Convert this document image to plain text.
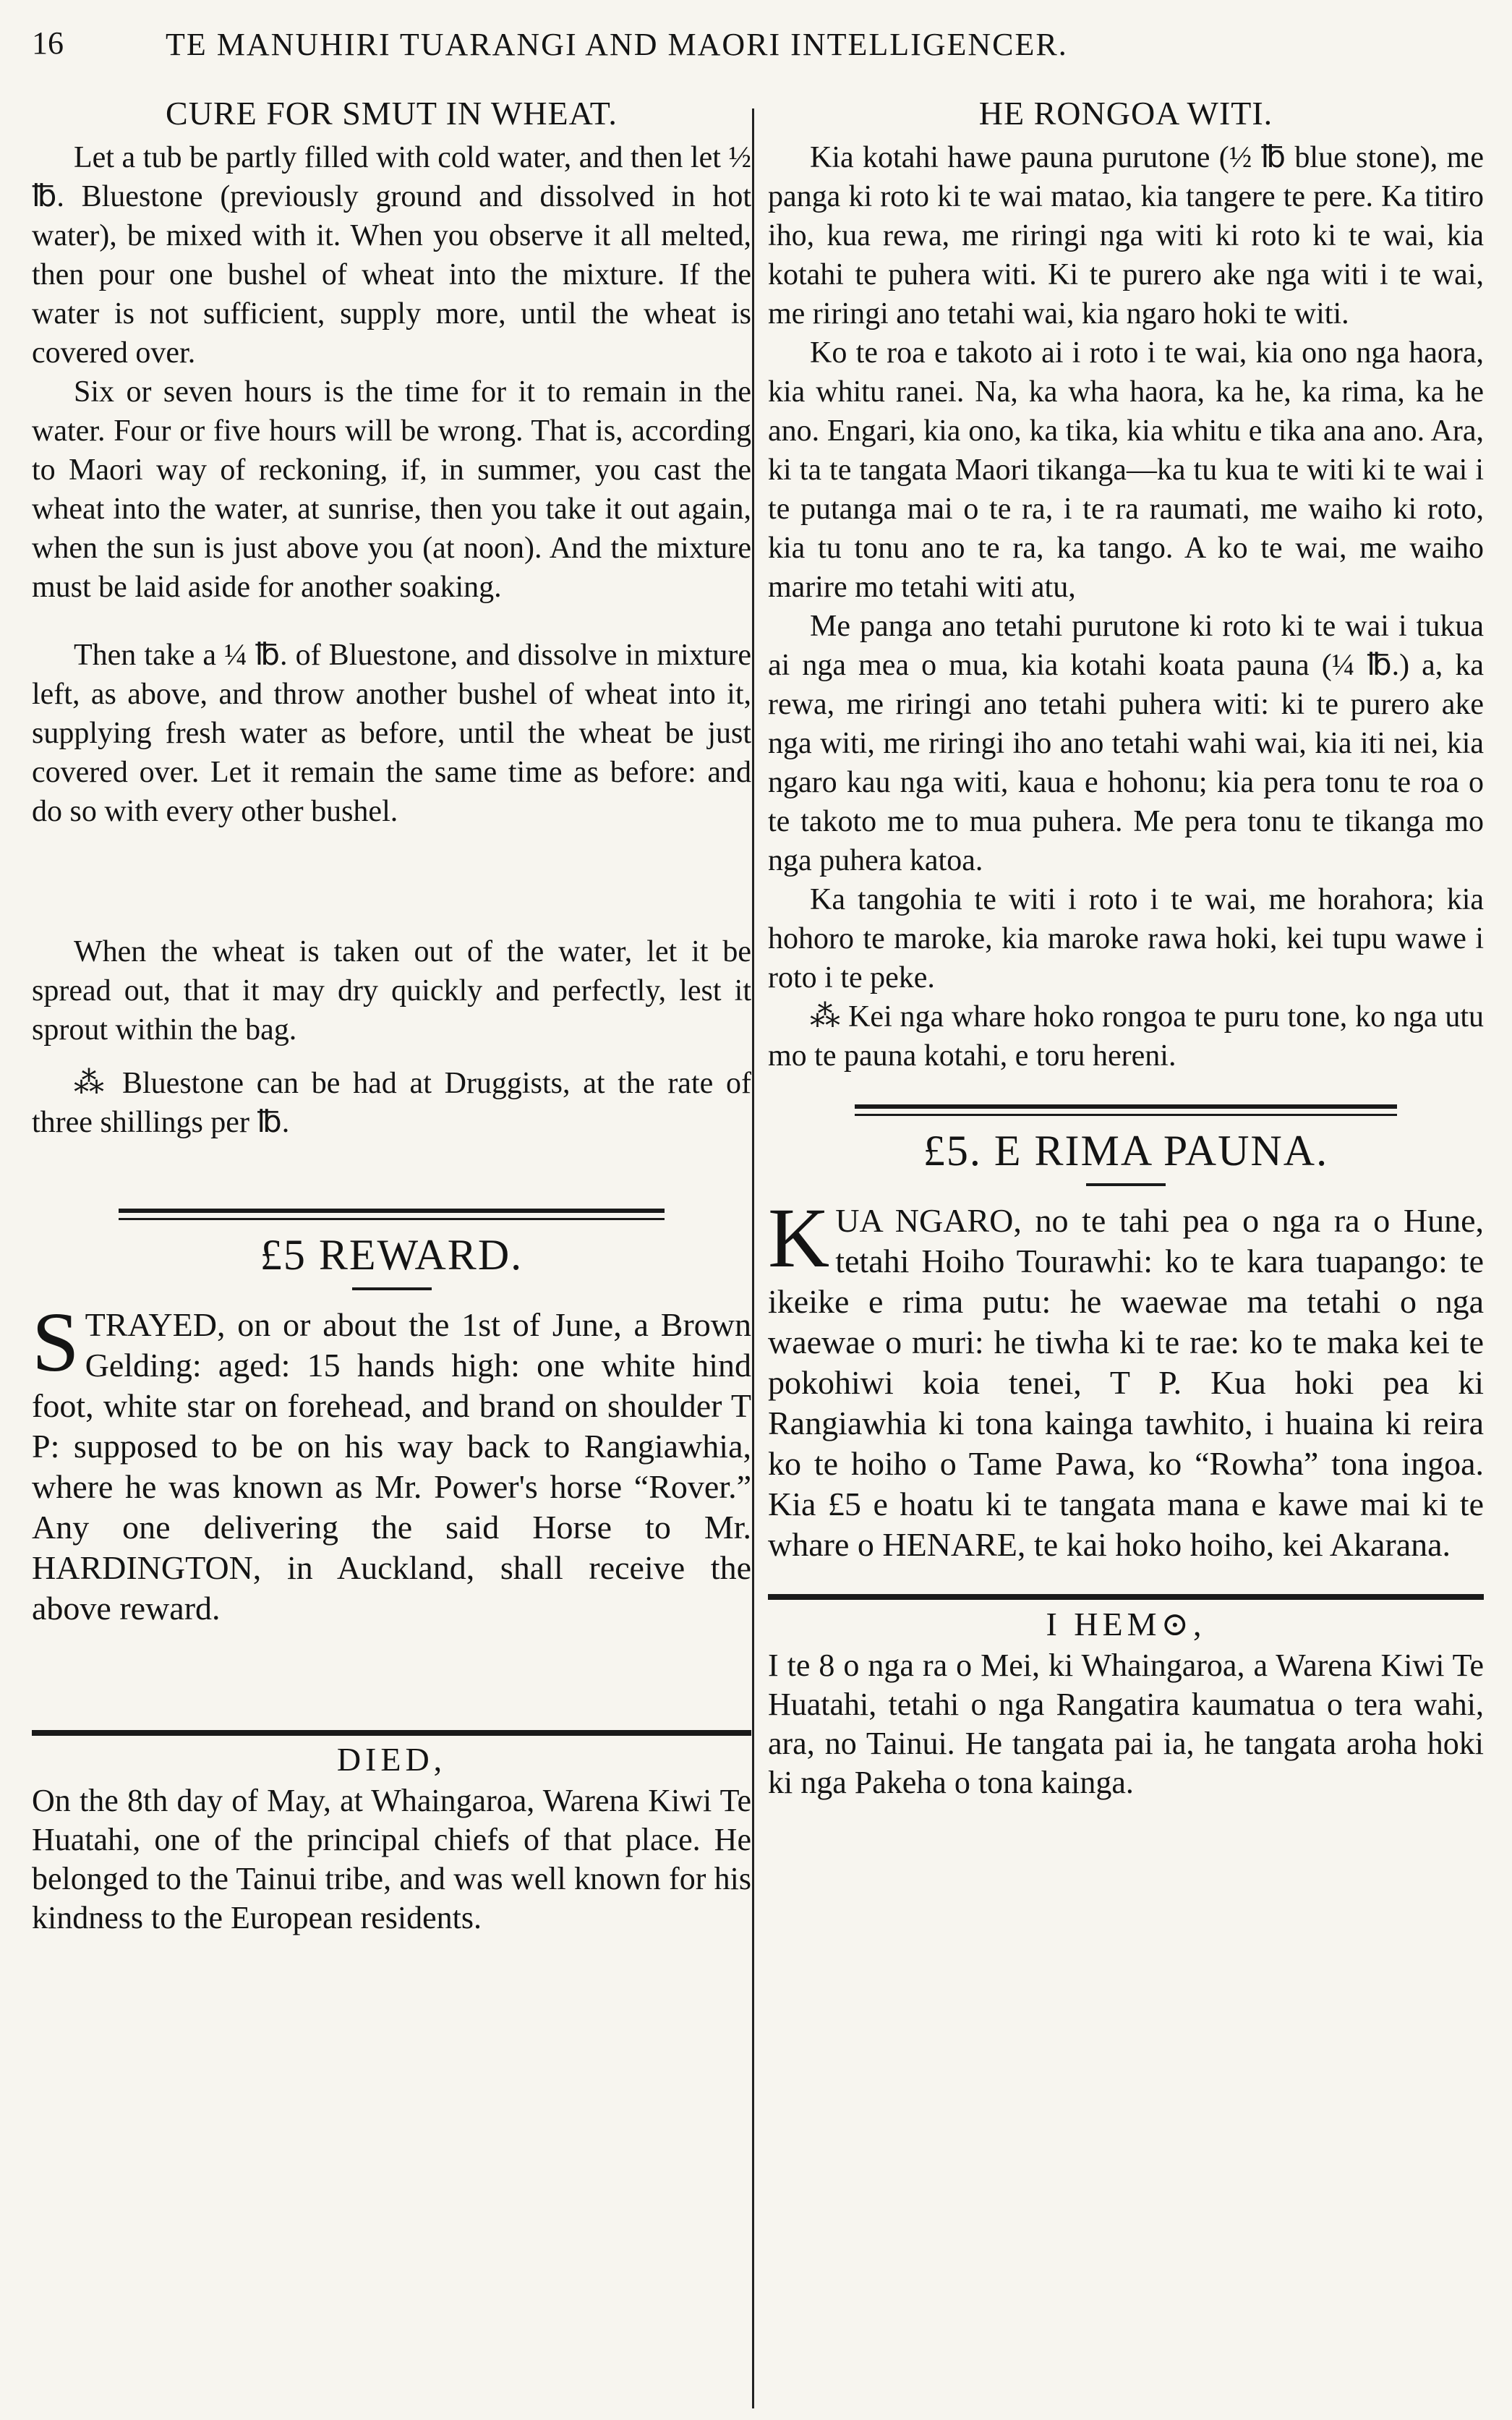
16	TE MANUHIRI TUARANGI AND MAORI INTELLIGENCER.
CURE FOR SMUT IN WHEAT.

Let a tub be partly filled with cold water, and then let ½ ℔. Bluestone (previously ground and dissolved in hot water), be mixed with it. When you observe it all melted, then pour one bushel of wheat into the mixture. If the water is not sufficient, supply more, until the wheat is covered over.

Six or seven hours is the time for it to remain in the water. Four or five hours will be wrong. That is, according to Maori way of reckoning, if, in summer, you cast the wheat into the water, at sunrise, then you take it out again, when the sun is just above you (at noon). And the mixture must be laid aside for another soaking.

Then take a ¼ ℔. of Bluestone, and dissolve in mixture left, as above, and throw another bushel of wheat into it, supplying fresh water as before, until the wheat be just covered over. Let it remain the same time as before: and do so with every other bushel.

When the wheat is taken out of the water, let it be spread out, that it may dry quickly and perfectly, lest it sprout within the bag.

⁂ Bluestone can be had at Druggists, at the rate of three shillings per ℔.

£5 REWARD.

STRAYED, on or about the 1st of June, a Brown Gelding: aged: 15 hands high: one white hind foot, white star on forehead, and brand on shoulder T P: supposed to be on his way back to Rangiawhia, where he was known as Mr. Power's horse “Rover.” Any one delivering the said Horse to Mr. HARDINGTON, in Auckland, shall receive the above reward.

DIED,

On the 8th day of May, at Whaingaroa, Warena Kiwi Te Huatahi, one of the principal chiefs of that place. He belonged to the Tainui tribe, and was well known for his kindness to the European residents.

HE RONGOA WITI.

Kia kotahi hawe pauna purutone (½ ℔ blue stone), me panga ki roto ki te wai matao, kia tangere te pere. Ka titiro iho, kua rewa, me riringi nga witi ki roto ki te wai, kia kotahi te puhera witi. Ki te purero ake nga witi i te wai, me riringi ano tetahi wai, kia ngaro hoki te witi.

Ko te roa e takoto ai i roto i te wai, kia ono nga haora, kia whitu ranei. Na, ka wha haora, ka he, ka rima, ka he ano. Engari, kia ono, ka tika, kia whitu e tika ana ano. Ara, ki ta te tangata Maori tikanga—ka tu kua te witi ki te wai i te putanga mai o te ra, i te ra raumati, me waiho ki roto, kia tu tonu ano te ra, ka tango. A ko te wai, me waiho marire mo tetahi witi atu,

Me panga ano tetahi purutone ki roto ki te wai i tukua ai nga mea o mua, kia kotahi koata pauna (¼ ℔.) a, ka rewa, me riringi ano tetahi puhera witi: ki te purero ake nga witi, me riringi iho ano tetahi wahi wai, kia iti nei, kia ngaro kau nga witi, kaua e hohonu; kia pera tonu te roa o te takoto me to mua puhera. Me pera tonu te tikanga mo nga puhera katoa.

Ka tangohia te witi i roto i te wai, me horahora; kia hohoro te maroke, kia maroke rawa hoki, kei tupu wawe i roto i te peke.

⁂ Kei nga whare hoko rongoa te puru tone, ko nga utu mo te pauna kotahi, e toru hereni.

£5. E RIMA PAUNA.

KUA NGARO, no te tahi pea o nga ra o Hune, tetahi Hoiho Tourawhi: ko te kara tuapango: te ikeike e rima putu: he waewae ma tetahi o nga waewae o muri: he tiwha ki te rae: ko te maka kei te pokohiwi koia tenei, T P. Kua hoki pea ki Rangiawhia ki tona kainga tawhito, i huaina ki reira ko te hoiho o Tame Pawa, ko “Rowha” tona ingoa. Kia £5 e hoatu ki te tangata mana e kawe mai ki te whare o HENARE, te kai hoko hoiho, kei Akarana.

I HEM⊙,

I te 8 o nga ra o Mei, ki Whaingaroa, a Warena Kiwi Te Huatahi, tetahi o nga Rangatira kaumatua o tera wahi, ara, no Tainui. He tangata pai ia, he tangata aroha hoki ki nga Pakeha o tona kainga.
